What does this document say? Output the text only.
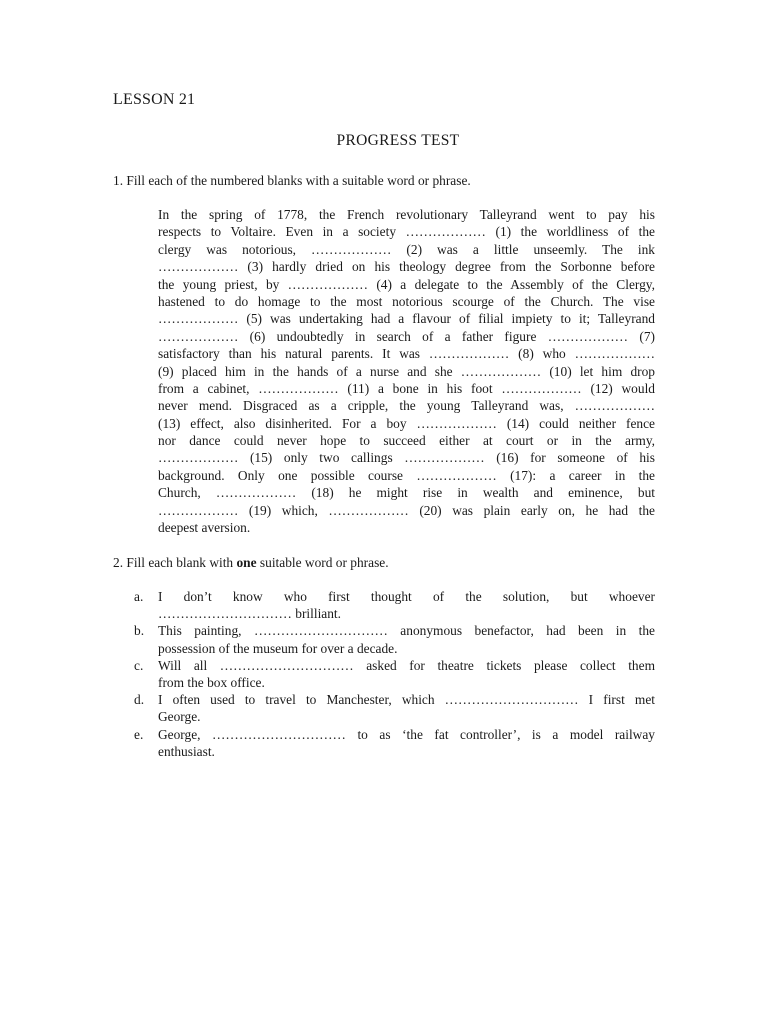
LESSON 21
PROGRESS TEST
1. Fill each of the numbered blanks with a suitable word or phrase.
In the spring of 1778, the French revolutionary Talleyrand went to pay his
respects to Voltaire. Even in a society ……………… (1) the worldliness of the
clergy was notorious, ……………… (2) was a little unseemly. The ink
……………… (3) hardly dried on his theology degree from the Sorbonne before
the young priest, by ……………… (4) a delegate to the Assembly of the Clergy,
hastened to do homage to the most notorious scourge of the Church. The vise
……………… (5) was undertaking had a flavour of filial impiety to it; Talleyrand
……………… (6) undoubtedly in search of a father figure ……………… (7)
satisfactory than his natural parents. It was ……………… (8) who ………………
(9) placed him in the hands of a nurse and she ……………… (10) let him drop
from a cabinet, ……………… (11) a bone in his foot ……………… (12) would
never mend. Disgraced as a cripple, the young Talleyrand was, ………………
(13) effect, also disinherited. For a boy ……………… (14) could neither fence
nor dance could never hope to succeed either at court or in the army,
……………… (15) only two callings ……………… (16) for someone of his
background. Only one possible course ……………… (17): a career in the
Church, ……………… (18) he might rise in wealth and eminence, but
……………… (19) which, ……………… (20) was plain early on, he had the
deepest aversion.
2. Fill each blank with one suitable word or phrase.
a. I don’t know who first thought of the solution, but whoever
………………………… brilliant.
b. This painting, ………………………… anonymous benefactor, had been in the
possession of the museum for over a decade.
c. Will all ………………………… asked for theatre tickets please collect them
from the box office.
d. I often used to travel to Manchester, which ………………………… I first met
George.
e. George, ………………………… to as ‘the fat controller’, is a model railway
enthusiast.
